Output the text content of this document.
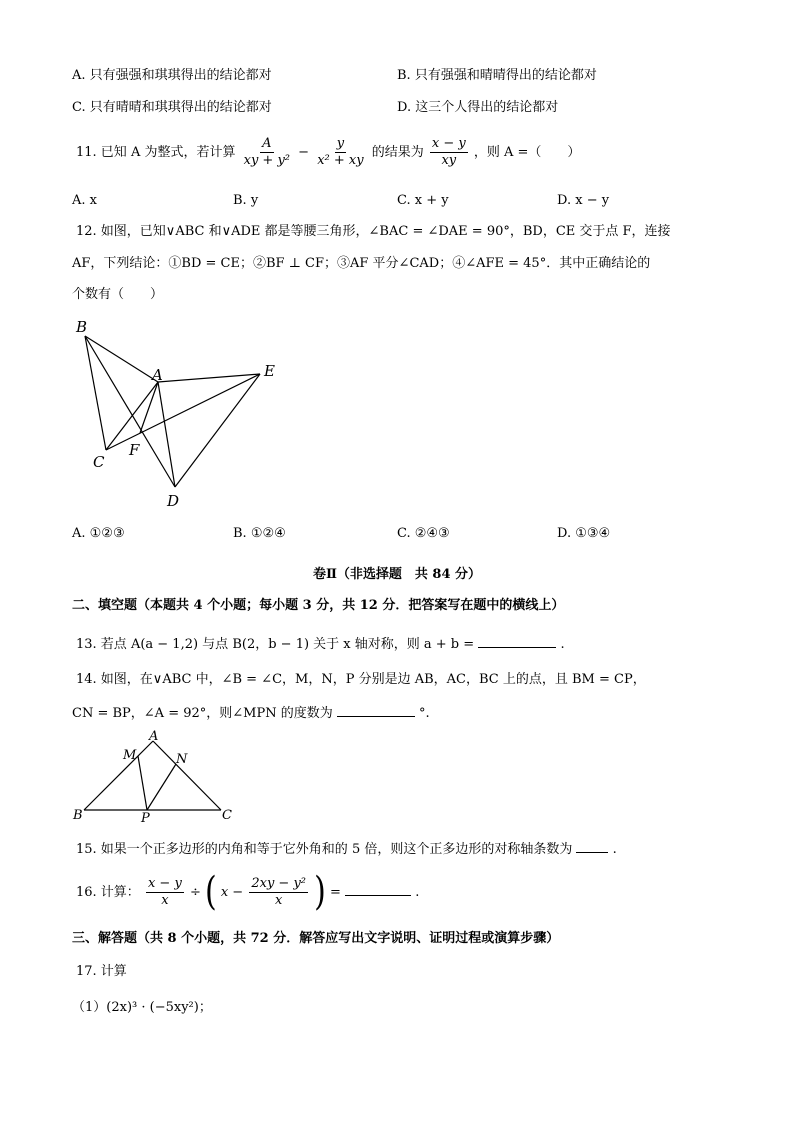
A. 只有强强和琪琪得出的结论都对	B. 只有强强和晴晴得出的结论都对
C. 只有晴晴和琪琪得出的结论都对	D. 这三个人得出的结论都对
11. 已知 A 为整式，若计算 $\frac{A}{\text{xy + y²}} - \frac{y}{\text{x² + xy}}$ 的结果为 $\frac{x - y}{xy}$ ，则 A =（　　）
A. x	B. y	C. x + y	D. x − y
12. 如图，已知∨ABC 和∨ADE 都是等腰三角形，∠BAC = ∠DAE = 90°，BD，CE 交于点 F，连接
AF，下列结论：①BD = CE；②BF ⊥ CF；③AF 平分∠CAD；④∠AFE = 45°．其中正确结论的
个数有（　　）
B
A	E
C
F
D
A. ①②③	B. ①②④	C. ②④③	D. ①③④
卷Ⅱ（非选择题　共 84 分）
二、填空题（本题共 4 个小题；每小题 3 分，共 12 分．把答案写在题中的横线上）
13. 若点 A(a − 1,2) 与点 B(2，b − 1) 关于 x 轴对称，则 a + b =	.
14. 如图，在∨ABC 中，∠B = ∠C，M，N，P 分别是边 AB，AC，BC 上的点，且 BM = CP，
CN = BP，∠A = 92°，则∠MPN 的度数为	°.
A
M	N
B	P	C
15. 如果一个正多边形的内角和等于它外角和的 5 倍，则这个正多边形的对称轴条数为	.
16. 计算： $\frac{x - y}{x}$ ÷ ( $x - \frac{\text{2xy − y²}}{x}$ ) =	.
三、解答题（共 8 个小题，共 72 分．解答应写出文字说明、证明过程或演算步骤）
17. 计算
（1）(2x)³ · (−5xy²)；
